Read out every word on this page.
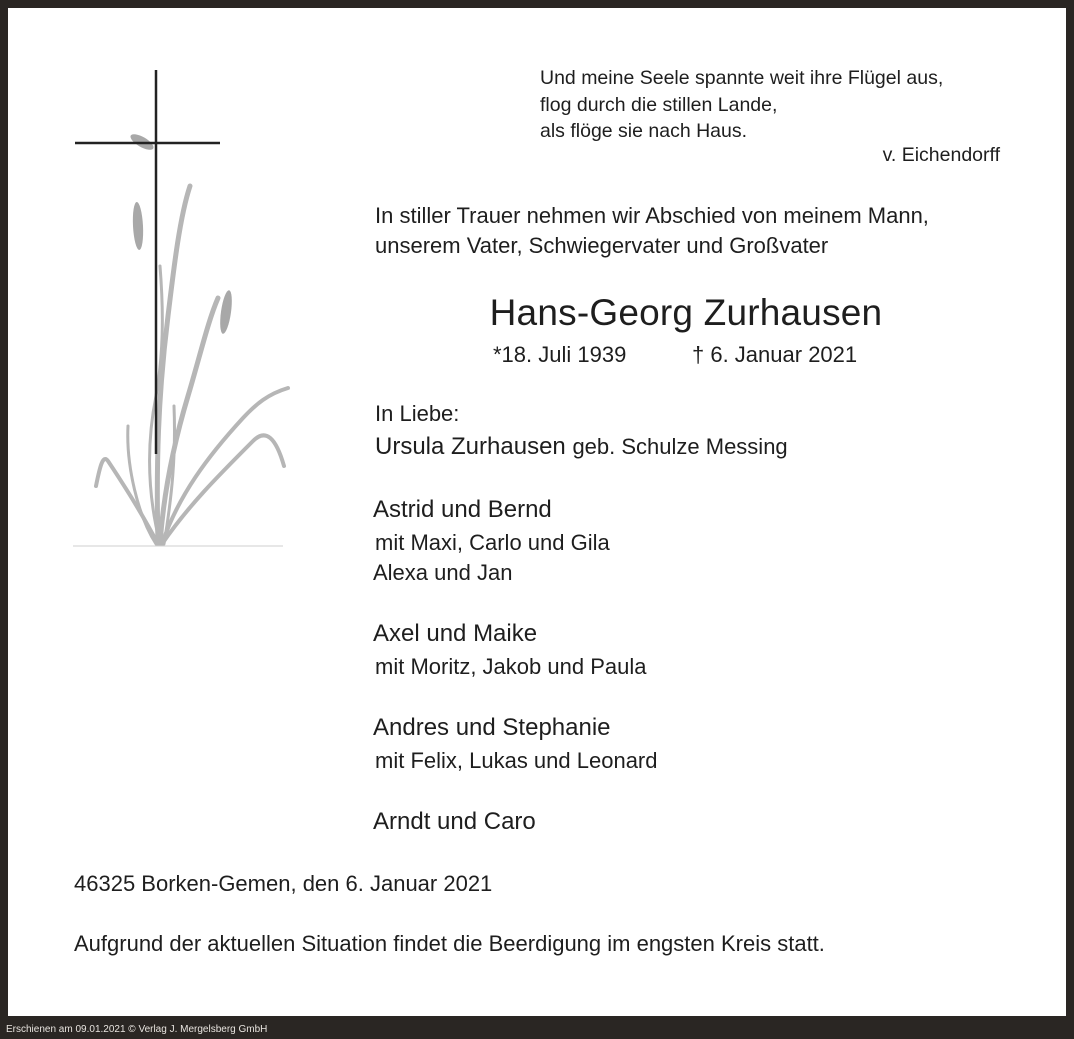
Und meine Seele spannte weit ihre Flügel aus,
flog durch die stillen Lande,
als flöge sie nach Haus.
v. Eichendorff
In stiller Trauer nehmen wir Abschied von meinem Mann,
unserem Vater, Schwiegervater und Großvater
Hans-Georg Zurhausen
*18. Juli 1939	† 6. Januar 2021
In Liebe:
Ursula Zurhausen geb. Schulze Messing
Astrid und Bernd
mit Maxi, Carlo und Gila
Alexa und Jan
Axel und Maike
mit Moritz, Jakob und Paula
Andres und Stephanie
mit Felix, Lukas und Leonard
Arndt und Caro
46325 Borken-Gemen, den 6. Januar 2021
Aufgrund der aktuellen Situation findet die Beerdigung im engsten Kreis statt.
Erschienen am 09.01.2021 © Verlag J. Mergelsberg GmbH
